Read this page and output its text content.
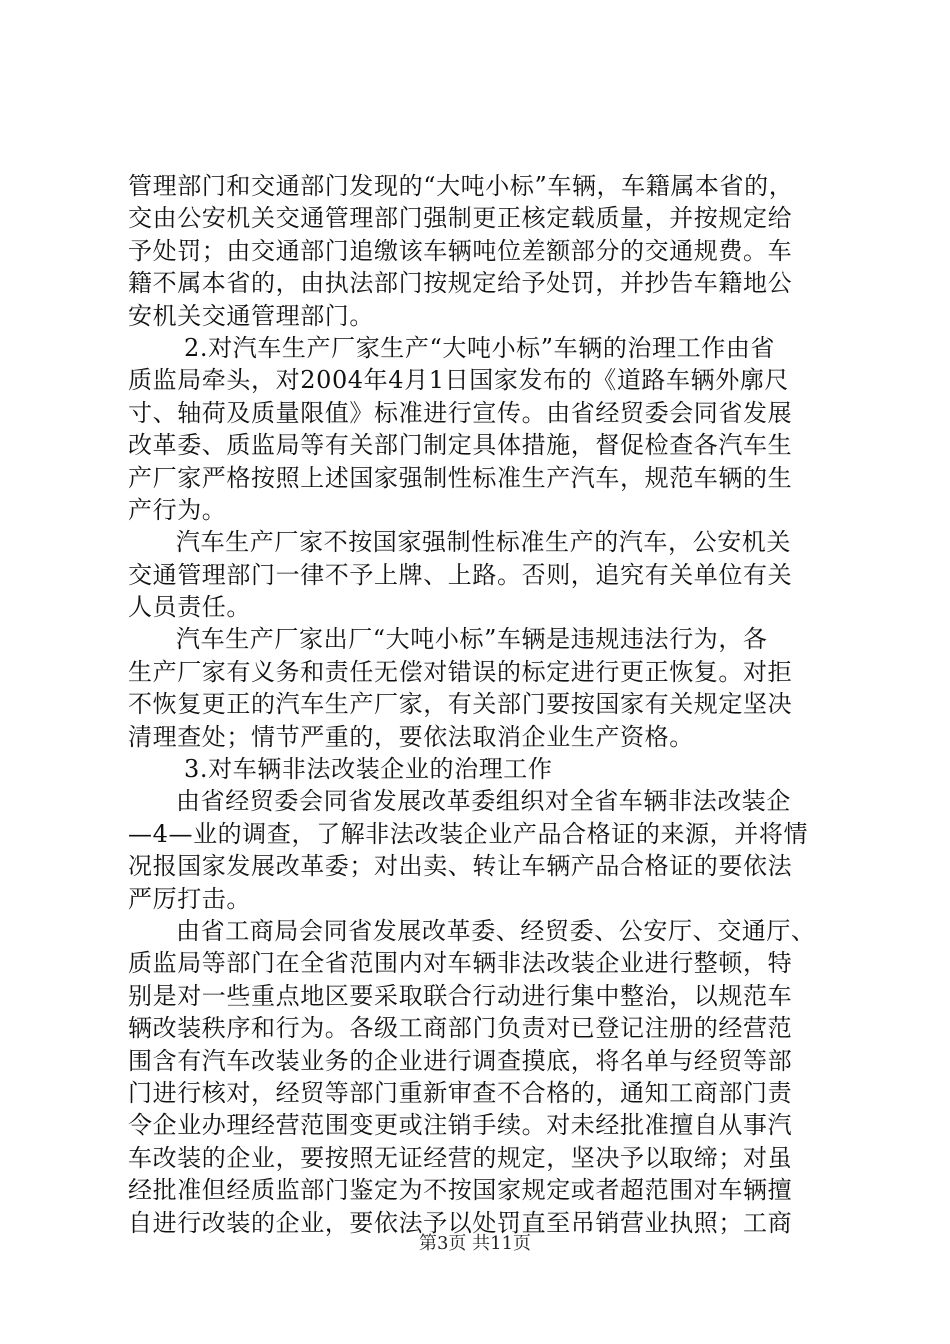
管理部门和交通部门发现的“大吨小标”车辆，车籍属本省的，
交由公安机关交通管理部门强制更正核定载质量，并按规定给
予处罚；由交通部门追缴该车辆吨位差额部分的交通规费。车
籍不属本省的，由执法部门按规定给予处罚，并抄告车籍地公
安机关交通管理部门。
2.对汽车生产厂家生产“大吨小标”车辆的治理工作由省
质监局牵头，对2004年4月1日国家发布的《道路车辆外廓尺
寸、轴荷及质量限值》标准进行宣传。由省经贸委会同省发展
改革委、质监局等有关部门制定具体措施，督促检查各汽车生
产厂家严格按照上述国家强制性标准生产汽车，规范车辆的生
产行为。
汽车生产厂家不按国家强制性标准生产的汽车，公安机关
交通管理部门一律不予上牌、上路。否则，追究有关单位有关
人员责任。
汽车生产厂家出厂“大吨小标”车辆是违规违法行为，各
生产厂家有义务和责任无偿对错误的标定进行更正恢复。对拒
不恢复更正的汽车生产厂家，有关部门要按国家有关规定坚决
清理查处；情节严重的，要依法取消企业生产资格。
3.对车辆非法改装企业的治理工作
由省经贸委会同省发展改革委组织对全省车辆非法改装企
—4—业的调查，了解非法改装企业产品合格证的来源，并将情
况报国家发展改革委；对出卖、转让车辆产品合格证的要依法
严厉打击。
由省工商局会同省发展改革委、经贸委、公安厅、交通厅、
质监局等部门在全省范围内对车辆非法改装企业进行整顿，特
别是对一些重点地区要采取联合行动进行集中整治，以规范车
辆改装秩序和行为。各级工商部门负责对已登记注册的经营范
围含有汽车改装业务的企业进行调查摸底，将名单与经贸等部
门进行核对，经贸等部门重新审查不合格的，通知工商部门责
令企业办理经营范围变更或注销手续。对未经批准擅自从事汽
车改装的企业，要按照无证经营的规定，坚决予以取缔；对虽
经批准但经质监部门鉴定为不按国家规定或者超范围对车辆擅
自进行改装的企业，要依法予以处罚直至吊销营业执照；工商
第3页 共11页
